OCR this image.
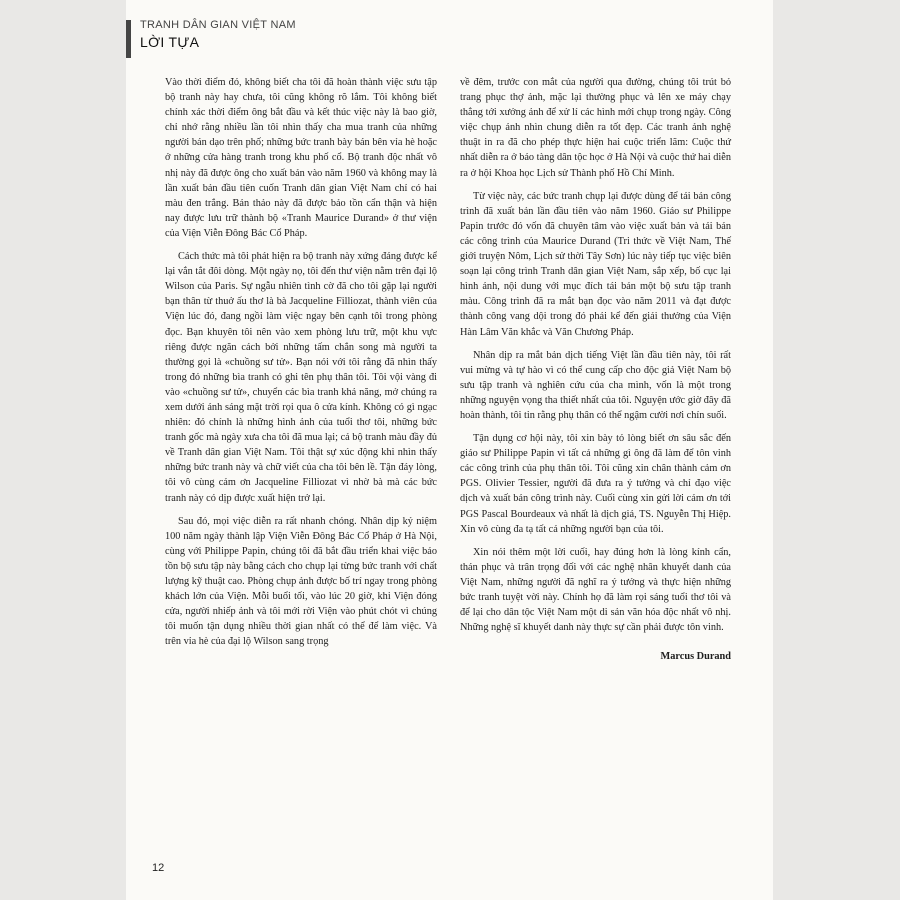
TRANH DÂN GIAN VIỆT NAM
LỜI TỰA

Vào thời điểm đó, không biết cha tôi đã hoàn thành việc sưu tập bộ tranh này hay chưa, tôi cũng không rõ lắm. Tôi không biết chính xác thời điểm ông bắt đầu và kết thúc việc này là bao giờ, chỉ nhớ rằng nhiều lần tôi nhìn thấy cha mua tranh của những người bán dạo trên phố; những bức tranh bày bán bên vỉa hè hoặc ở những cửa hàng tranh trong khu phố cổ. Bộ tranh độc nhất vô nhị này đã được ông cho xuất bản vào năm 1960 và không may là lần xuất bản đầu tiên cuốn Tranh dân gian Việt Nam chỉ có hai màu đen trắng. Bản thảo này đã được bảo tồn cẩn thận và hiện nay được lưu trữ thành bộ «Tranh Maurice Durand» ở thư viện của Viện Viễn Đông Bác Cổ Pháp.

Cách thức mà tôi phát hiện ra bộ tranh này xứng đáng được kể lại vắn tắt đôi dòng. Một ngày nọ, tôi đến thư viện nằm trên đại lộ Wilson của Paris. Sự ngẫu nhiên tình cờ đã cho tôi gặp lại người bạn thân từ thuở ấu thơ là bà Jacqueline Filliozat, thành viên của Viện lúc đó, đang ngồi làm việc ngay bên cạnh tôi trong phòng đọc. Bạn khuyên tôi nên vào xem phòng lưu trữ, một khu vực riêng được ngăn cách bởi những tấm chắn song mà người ta thường gọi là «chuồng sư tử». Bạn nói với tôi rằng đã nhìn thấy trong đó những bìa tranh có ghi tên phụ thân tôi. Tôi vội vàng đi vào «chuồng sư tử», chuyển các bìa tranh khả năng, mở chúng ra xem dưới ánh sáng mặt trời rọi qua ô cửa kính. Không có gì ngạc nhiên: đó chính là những hình ảnh của tuổi thơ tôi, những bức tranh gốc mà ngày xưa cha tôi đã mua lại; cả bộ tranh màu đầy đủ về Tranh dân gian Việt Nam. Tôi thật sự xúc động khi nhìn thấy những bức tranh này và chữ viết của cha tôi bên lề. Tận đáy lòng, tôi vô cùng cảm ơn Jacqueline Filliozat vì nhờ bà mà các bức tranh này có dịp được xuất hiện trở lại.

Sau đó, mọi việc diễn ra rất nhanh chóng. Nhân dịp kỷ niệm 100 năm ngày thành lập Viện Viễn Đông Bác Cổ Pháp ở Hà Nội, cùng với Philippe Papin, chúng tôi đã bắt đầu triển khai việc bảo tồn bộ sưu tập này bằng cách cho chụp lại từng bức tranh với chất lượng kỹ thuật cao. Phòng chụp ảnh được bố trí ngay trong phòng khách lớn của Viện. Mỗi buổi tối, vào lúc 20 giờ, khi Viện đóng cửa, người nhiếp ảnh và tôi mới rời Viện vào phút chót vì chúng tôi muốn tận dụng nhiều thời gian nhất có thể để làm việc. Và trên vỉa hè của đại lộ Wilson sang trọng

về đêm, trước con mắt của người qua đường, chúng tôi trút bỏ trang phục thợ ảnh, mặc lại thường phục và lên xe máy chạy thẳng tới xưởng ảnh để xử lí các hình mới chụp trong ngày. Công việc chụp ảnh nhìn chung diễn ra tốt đẹp. Các tranh ảnh nghệ thuật in ra đã cho phép thực hiện hai cuộc triển lãm: Cuộc thứ nhất diễn ra ở bảo tàng dân tộc học ở Hà Nội và cuộc thứ hai diễn ra ở hội Khoa học Lịch sử Thành phố Hồ Chí Minh.

Từ việc này, các bức tranh chụp lại được dùng để tái bản công trình đã xuất bản lần đầu tiên vào năm 1960. Giáo sư Philippe Papin trước đó vốn đã chuyên tâm vào việc xuất bản và tái bản các công trình của Maurice Durand (Tri thức về Việt Nam, Thế giới truyện Nôm, Lịch sử thời Tây Sơn) lúc này tiếp tục việc biên soạn lại công trình Tranh dân gian Việt Nam, sắp xếp, bố cục lại hình ảnh, nội dung với mục đích tái bản một bộ sưu tập tranh màu. Công trình đã ra mắt bạn đọc vào năm 2011 và đạt được thành công vang dội trong đó phải kể đến giải thưởng của Viện Hàn Lâm Văn khắc và Văn Chương Pháp.

Nhân dịp ra mắt bản dịch tiếng Việt lần đầu tiên này, tôi rất vui mừng và tự hào vì có thể cung cấp cho độc giả Việt Nam bộ sưu tập tranh và nghiên cứu của cha mình, vốn là một trong những nguyện vọng tha thiết nhất của tôi. Nguyện ước giờ đây đã hoàn thành, tôi tin rằng phụ thân có thể ngậm cười nơi chín suối.

Tận dụng cơ hội này, tôi xin bày tỏ lòng biết ơn sâu sắc đến giáo sư Philippe Papin vì tất cả những gì ông đã làm để tôn vinh các công trình của phụ thân tôi. Tôi cũng xin chân thành cảm ơn PGS. Olivier Tessier, người đã đưa ra ý tưởng và chỉ đạo việc dịch và xuất bản công trình này. Cuối cùng xin gửi lời cảm ơn tới PGS Pascal Bourdeaux và nhất là dịch giả, TS. Nguyễn Thị Hiệp. Xin vô cùng đa tạ tất cả những người bạn của tôi.

Xin nói thêm một lời cuối, hay đúng hơn là lòng kính cẩn, thán phục và trân trọng đối với các nghệ nhân khuyết danh của Việt Nam, những người đã nghĩ ra ý tưởng và thực hiện những bức tranh tuyệt vời này. Chính họ đã làm rọi sáng tuổi thơ tôi và để lại cho dân tộc Việt Nam một di sản văn hóa độc nhất vô nhị. Những nghệ sĩ khuyết danh này thực sự cần phải được tôn vinh.

Marcus Durand
12
